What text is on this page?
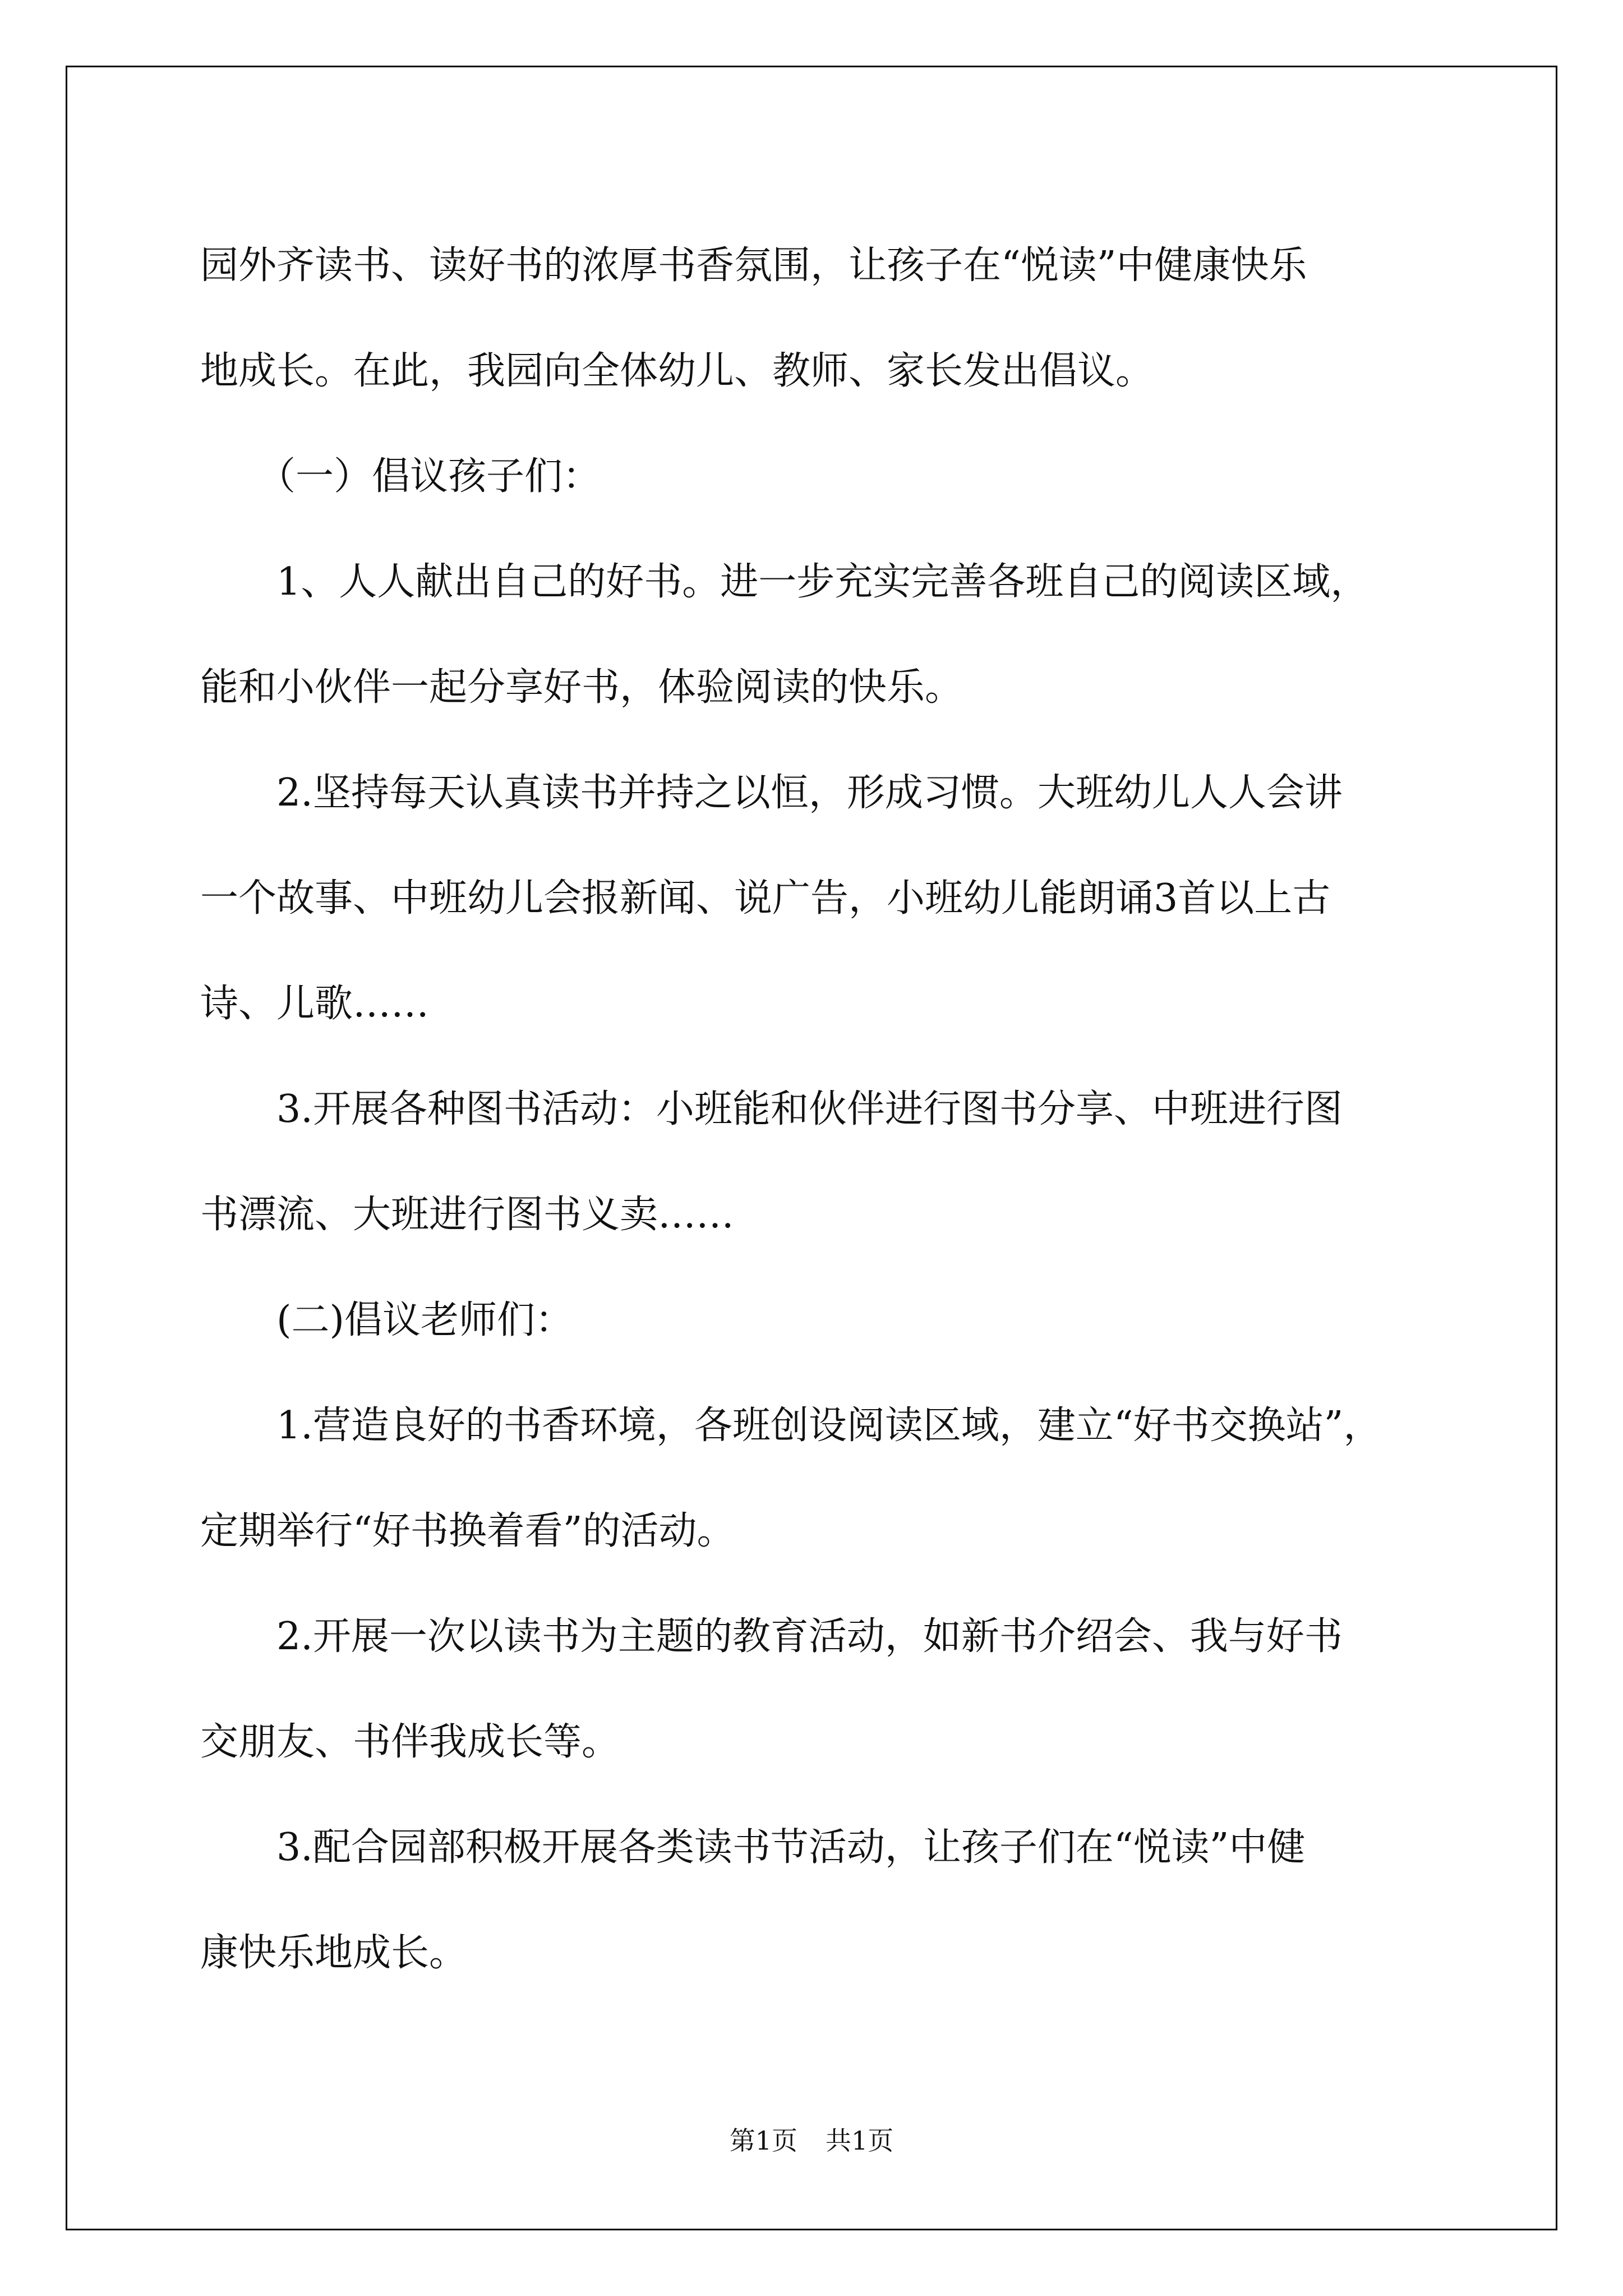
园外齐读书、读好书的浓厚书香氛围，让孩子在“悦读”中健康快乐

地成长。在此，我园向全体幼儿、教师、家长发出倡议。

　　（一）倡议孩子们：

　　1、人人献出自己的好书。进一步充实完善各班自己的阅读区域，

能和小伙伴一起分享好书，体验阅读的快乐。

　　2.坚持每天认真读书并持之以恒，形成习惯。大班幼儿人人会讲

一个故事、中班幼儿会报新闻、说广告，小班幼儿能朗诵3首以上古

诗、儿歌……

　　3.开展各种图书活动：小班能和伙伴进行图书分享、中班进行图

书漂流、大班进行图书义卖……

　　(二)倡议老师们：

　　1.营造良好的书香环境，各班创设阅读区域，建立“好书交换站”，

定期举行“好书换着看”的活动。

　　2.开展一次以读书为主题的教育活动，如新书介绍会、我与好书

交朋友、书伴我成长等。

　　3.配合园部积极开展各类读书节活动，让孩子们在“悦读”中健

康快乐地成长。

第1页 共1页
